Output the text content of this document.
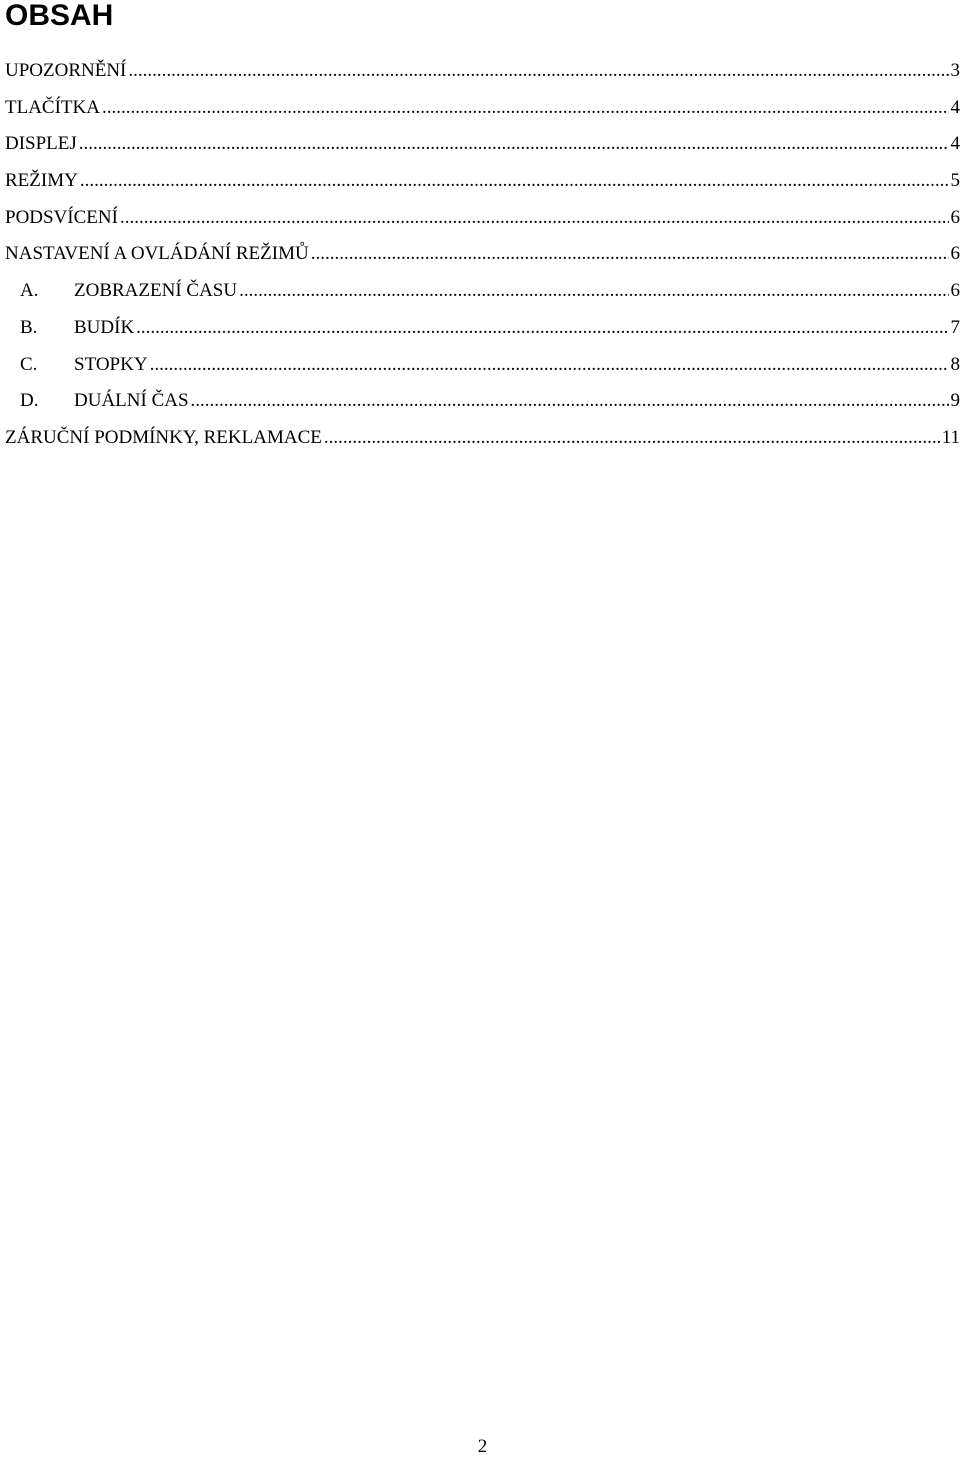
OBSAH
UPOZORNĚNÍ .....	3
TLAČÍTKA .....	4
DISPLEJ .....	4
REŽIMY .....	5
PODSVÍCENÍ .....	6
NASTAVENÍ A OVLÁDÁNÍ REŽIMŮ .....	6
A.	ZOBRAZENÍ ČASU .....	6
B.	BUDÍK .....	7
C.	STOPKY .....	8
D.	DUÁLNÍ ČAS .....	9
ZÁRUČNÍ PODMÍNKY, REKLAMACE .....	11
2
